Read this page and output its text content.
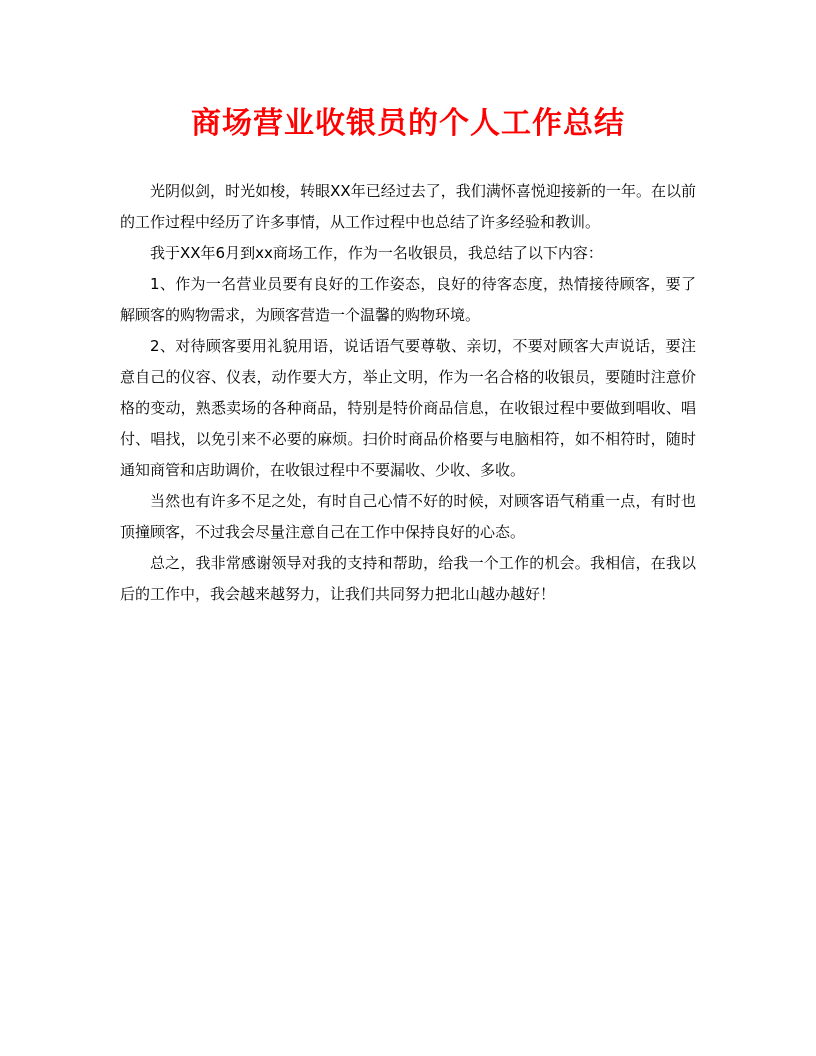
商场营业收银员的个人工作总结

光阴似剑，时光如梭，转眼XX年已经过去了，我们满怀喜悦迎接新的一年。在以前的工作过程中经历了许多事情，从工作过程中也总结了许多经验和教训。

我于XX年6月到xx商场工作，作为一名收银员，我总结了以下内容：

1、作为一名营业员要有良好的工作姿态，良好的待客态度，热情接待顾客，要了解顾客的购物需求，为顾客营造一个温馨的购物环境。

2、对待顾客要用礼貌用语，说话语气要尊敬、亲切，不要对顾客大声说话，要注意自己的仪容、仪表，动作要大方，举止文明，作为一名合格的收银员，要随时注意价格的变动，熟悉卖场的各种商品，特别是特价商品信息，在收银过程中要做到唱收、唱付、唱找，以免引来不必要的麻烦。扫价时商品价格要与电脑相符，如不相符时，随时通知商管和店助调价，在收银过程中不要漏收、少收、多收。

当然也有许多不足之处，有时自己心情不好的时候，对顾客语气稍重一点，有时也顶撞顾客，不过我会尽量注意自己在工作中保持良好的心态。

总之，我非常感谢领导对我的支持和帮助，给我一个工作的机会。我相信，在我以后的工作中，我会越来越努力，让我们共同努力把北山越办越好！
